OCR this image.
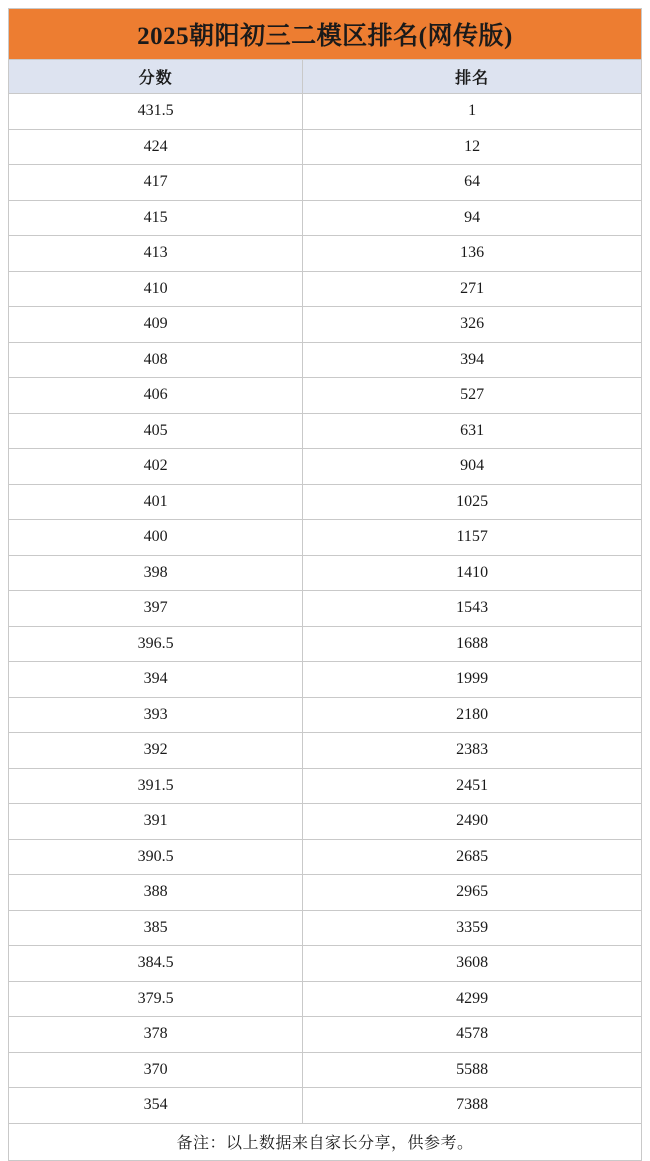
2025朝阳初三二模区排名(网传版)	
分数	排名
431.5	1
424	12
417	64
415	94
413	136
410	271
409	326
408	394
406	527
405	631
402	904
401	1025
400	1157
398	1410
397	1543
396.5	1688
394	1999
393	2180
392	2383
391.5	2451
391	2490
390.5	2685
388	2965
385	3359
384.5	3608
379.5	4299
378	4578
370	5588
354	7388
备注：以上数据来自家长分享，供参考。	
